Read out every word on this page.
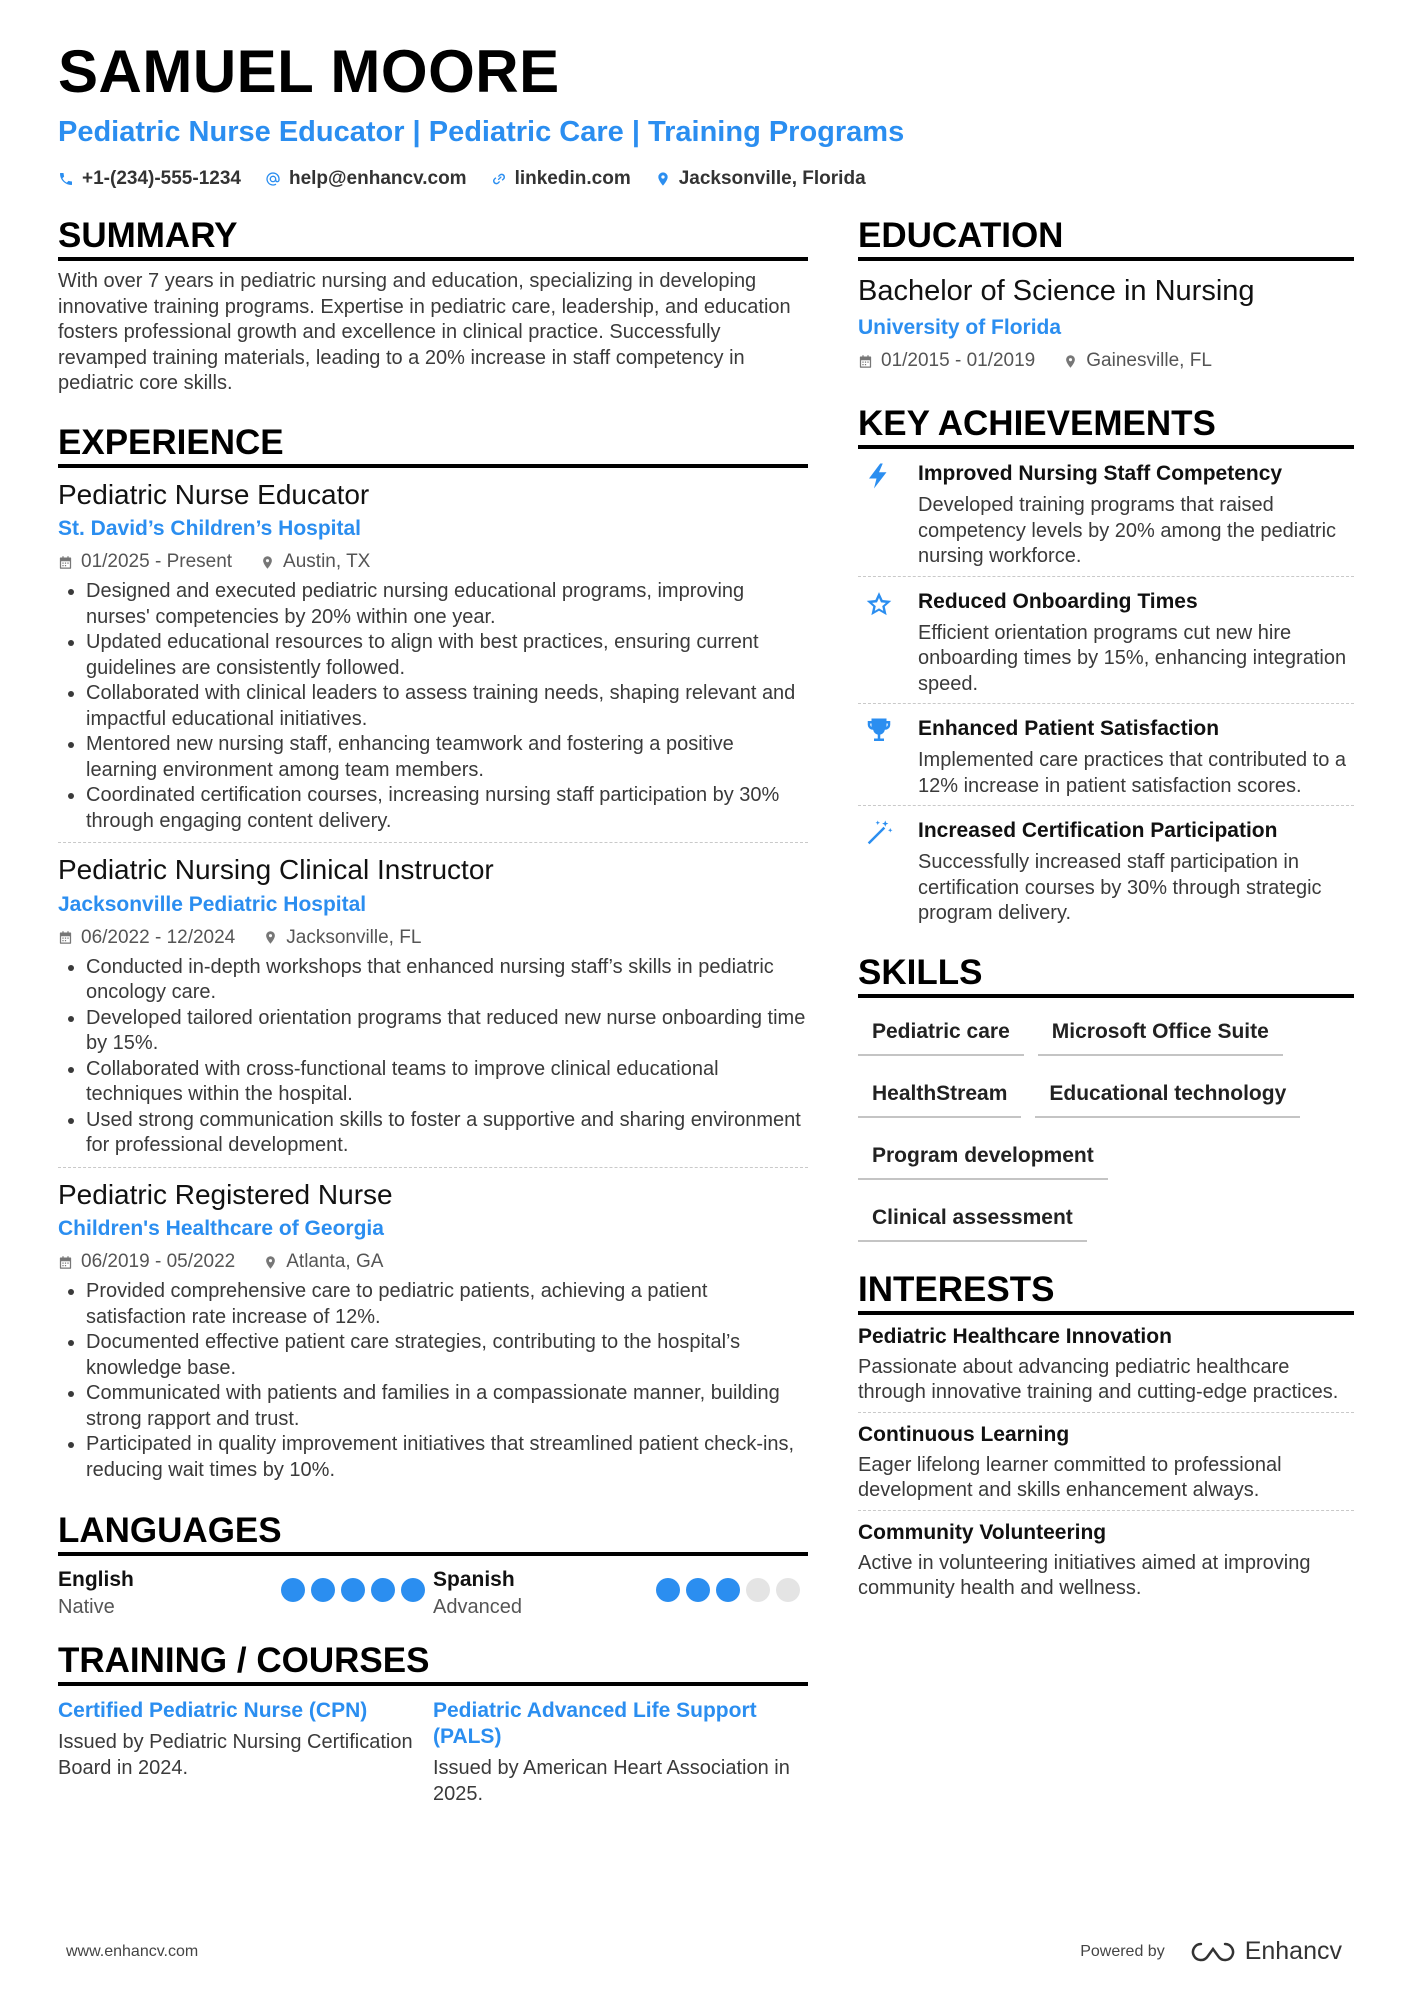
SAMUEL MOORE
Pediatric Nurse Educator | Pediatric Care | Training Programs
+1-(234)-555-1234	help@enhancv.com	linkedin.com	Jacksonville, Florida
SUMMARY
With over 7 years in pediatric nursing and education, specializing in developing innovative training programs. Expertise in pediatric care, leadership, and education fosters professional growth and excellence in clinical practice. Successfully revamped training materials, leading to a 20% increase in staff competency in pediatric core skills.
EXPERIENCE
Pediatric Nurse Educator
St. David’s Children’s Hospital
01/2025 - Present	Austin, TX
• Designed and executed pediatric nursing educational programs, improving nurses' competencies by 20% within one year.
• Updated educational resources to align with best practices, ensuring current guidelines are consistently followed.
• Collaborated with clinical leaders to assess training needs, shaping relevant and impactful educational initiatives.
• Mentored new nursing staff, enhancing teamwork and fostering a positive learning environment among team members.
• Coordinated certification courses, increasing nursing staff participation by 30% through engaging content delivery.
Pediatric Nursing Clinical Instructor
Jacksonville Pediatric Hospital
06/2022 - 12/2024	Jacksonville, FL
• Conducted in-depth workshops that enhanced nursing staff’s skills in pediatric oncology care.
• Developed tailored orientation programs that reduced new nurse onboarding time by 15%.
• Collaborated with cross-functional teams to improve clinical educational techniques within the hospital.
• Used strong communication skills to foster a supportive and sharing environment for professional development.
Pediatric Registered Nurse
Children's Healthcare of Georgia
06/2019 - 05/2022	Atlanta, GA
• Provided comprehensive care to pediatric patients, achieving a patient satisfaction rate increase of 12%.
• Documented effective patient care strategies, contributing to the hospital’s knowledge base.
• Communicated with patients and families in a compassionate manner, building strong rapport and trust.
• Participated in quality improvement initiatives that streamlined patient check-ins, reducing wait times by 10%.
LANGUAGES
English
Native
Spanish
Advanced
TRAINING / COURSES
Certified Pediatric Nurse (CPN)
Issued by Pediatric Nursing Certification Board in 2024.
Pediatric Advanced Life Support (PALS)
Issued by American Heart Association in 2025.
EDUCATION
Bachelor of Science in Nursing
University of Florida
01/2015 - 01/2019	Gainesville, FL
KEY ACHIEVEMENTS
Improved Nursing Staff Competency
Developed training programs that raised competency levels by 20% among the pediatric nursing workforce.
Reduced Onboarding Times
Efficient orientation programs cut new hire onboarding times by 15%, enhancing integration speed.
Enhanced Patient Satisfaction
Implemented care practices that contributed to a 12% increase in patient satisfaction scores.
Increased Certification Participation
Successfully increased staff participation in certification courses by 30% through strategic program delivery.
SKILLS
Pediatric care	Microsoft Office Suite
HealthStream	Educational technology
Program development
Clinical assessment
INTERESTS
Pediatric Healthcare Innovation
Passionate about advancing pediatric healthcare through innovative training and cutting-edge practices.
Continuous Learning
Eager lifelong learner committed to professional development and skills enhancement always.
Community Volunteering
Active in volunteering initiatives aimed at improving community health and wellness.
www.enhancv.com	Powered by	Enhancv
